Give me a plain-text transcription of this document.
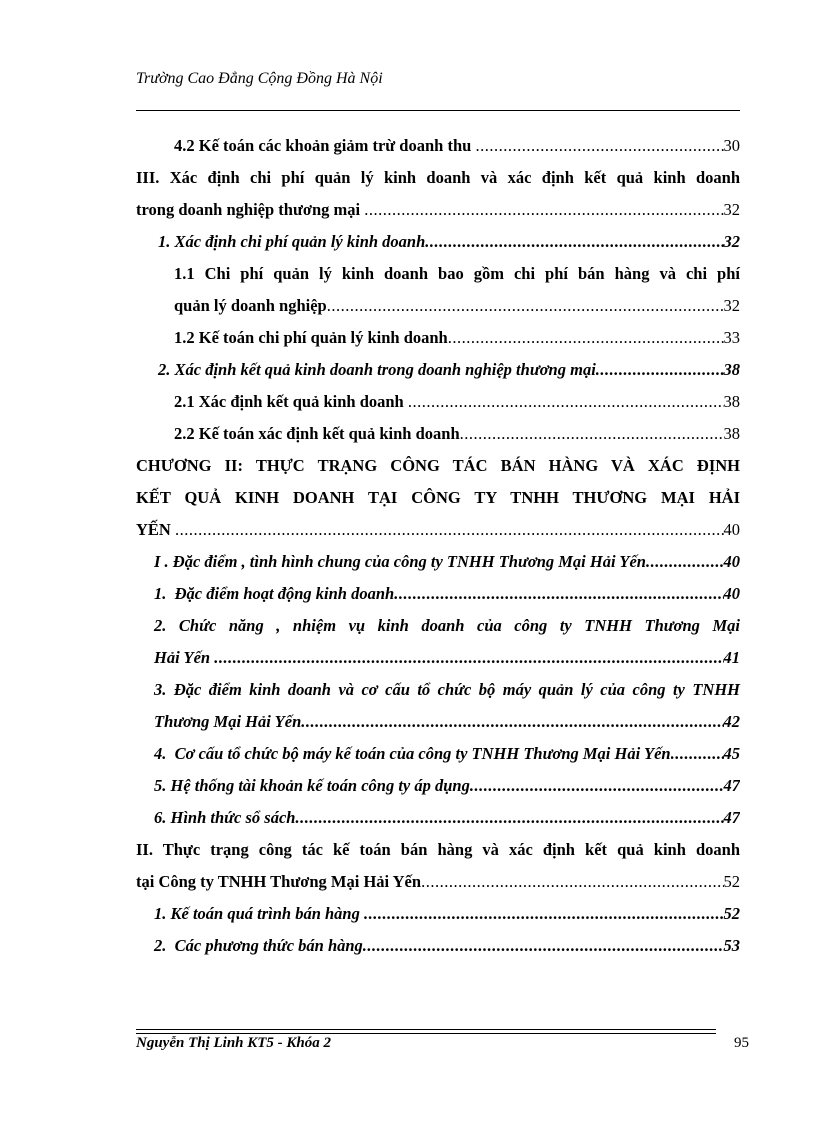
Trường Cao Đẳng Cộng Đồng Hà Nội
4.2 Kế toán các khoản giảm trừ doanh thu .....	30
III. Xác định chi phí quản lý kinh doanh và xác định kết quả kinh doanh
trong doanh nghiệp thương mại .....	32
1. Xác định chi phí quản lý kinh doanh .....	32
1.1 Chi phí quản lý kinh doanh bao gồm chi phí bán hàng và chi phí
quản lý doanh nghiệp .....	32
1.2 Kế toán chi phí quản lý kinh doanh .....	33
2. Xác định kết quả kinh doanh trong doanh nghiệp thương mại .....	38
2.1 Xác định kết quả kinh doanh .....	38
2.2 Kế toán xác định kết quả kinh doanh .....	38
CHƯƠNG II: THỰC TRẠNG CÔNG TÁC BÁN HÀNG VÀ XÁC ĐỊNH
KẾT QUẢ KINH DOANH TẠI CÔNG TY TNHH THƯƠNG MẠI HẢI
YẾN .....	40
I . Đặc điểm , tình hình chung của công ty TNHH Thương Mại Hải Yến .....	40
1.  Đặc điểm hoạt động kinh doanh .....	40
2. Chức năng , nhiệm vụ kinh doanh của công ty TNHH Thương Mại
Hải Yến .....	41
3. Đặc điểm kinh doanh và cơ cấu tổ chức bộ máy quản lý của công ty TNHH
Thương Mại Hải Yến .....	42
4.  Cơ cấu tổ chức bộ máy kế toán của công ty TNHH Thương Mại Hải Yến .....	45
5. Hệ thống tài khoản kế toán công ty áp dụng .....	47
6. Hình thức sổ sách .....	47
II. Thực trạng công tác kế toán bán hàng và xác định kết quả kinh doanh
tại Công ty TNHH Thương Mại Hải Yến .....	52
1. Kế toán quá trình bán hàng .....	52
2.  Các phương thức bán hàng .....	53
Nguyễn Thị Linh KT5 - Khóa 2	95
